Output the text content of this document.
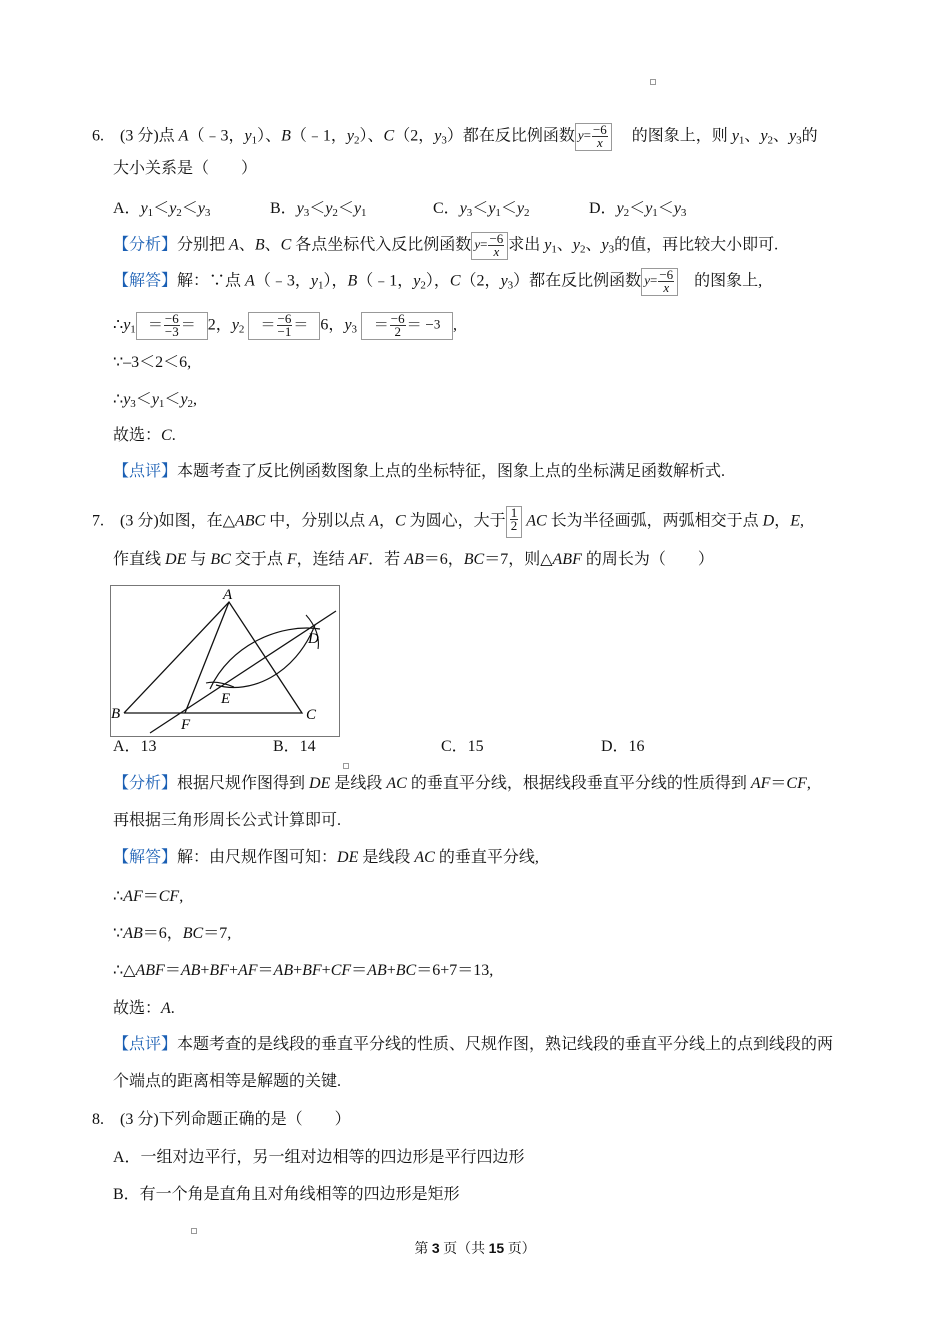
6.　(3 分)点 A（﹣3，$y_1$）、B（﹣1，$y_2$）、C（2，$y_3$）都在反比例函数 $y= \frac{-6}{x}$ 　 的图象上，则 $y_1$、$y_2$、$y_3$的
大小关系是（　　）
A．$y_1<y_2<y_3$	B．$y_3<y_2<y_1$	C．$y_3<y_1<y_2$	D．$y_2<y_1<y_3$
【分析】分别把 A、B、C 各点坐标代入反比例函数 $y= \frac{-6}{x}$ 求出 $y_1$、$y_2$、$y_3$的值，再比较大小即可.
【解答】解：∵点 A（﹣3，$y_1$），B（﹣1，$y_2$），C（2，$y_3$）都在反比例函数 $y= \frac{-6}{x}$ 　的图象上,
$\therefore y_1 = \frac{-6}{-3} = 2$，$y_2 = \frac{-6}{-1} = 6$，$y_3 = \frac{-6}{2} = -3$ ,
∵–3＜2＜6,
$\therefore y_3<y_1<y_2$,
故选：C.
【点评】本题考查了反比例函数图象上点的坐标特征，图象上点的坐标满足函数解析式.
7.　(3 分)如图，在△ABC 中，分别以点 A，C 为圆心，大于 $\frac{1}{2}$ AC 长为半径画弧，两弧相交于点 D，E,
作直线 DE 与 BC 交于点 F，连结 AF．若 AB＝6，BC＝7，则△ABF 的周长为（　　）
A
B	C
D
E
F
A．13	B．14	C．15	D．16
【分析】根据尺规作图得到 DE 是线段 AC 的垂直平分线，根据线段垂直平分线的性质得到 AF＝CF,
再根据三角形周长公式计算即可.
【解答】解：由尺规作图可知：DE 是线段 AC 的垂直平分线,
∴AF＝CF,
∵AB＝6，BC＝7,
∴△ABF＝AB+BF+AF＝AB+BF+CF＝AB+BC＝6+7＝13,
故选：A.
【点评】本题考查的是线段的垂直平分线的性质、尺规作图，熟记线段的垂直平分线上的点到线段的两
个端点的距离相等是解题的关键.
8.　(3 分)下列命题正确的是（　　）
A．一组对边平行，另一组对边相等的四边形是平行四边形
B．有一个角是直角且对角线相等的四边形是矩形
第 3 页（共 15 页）
